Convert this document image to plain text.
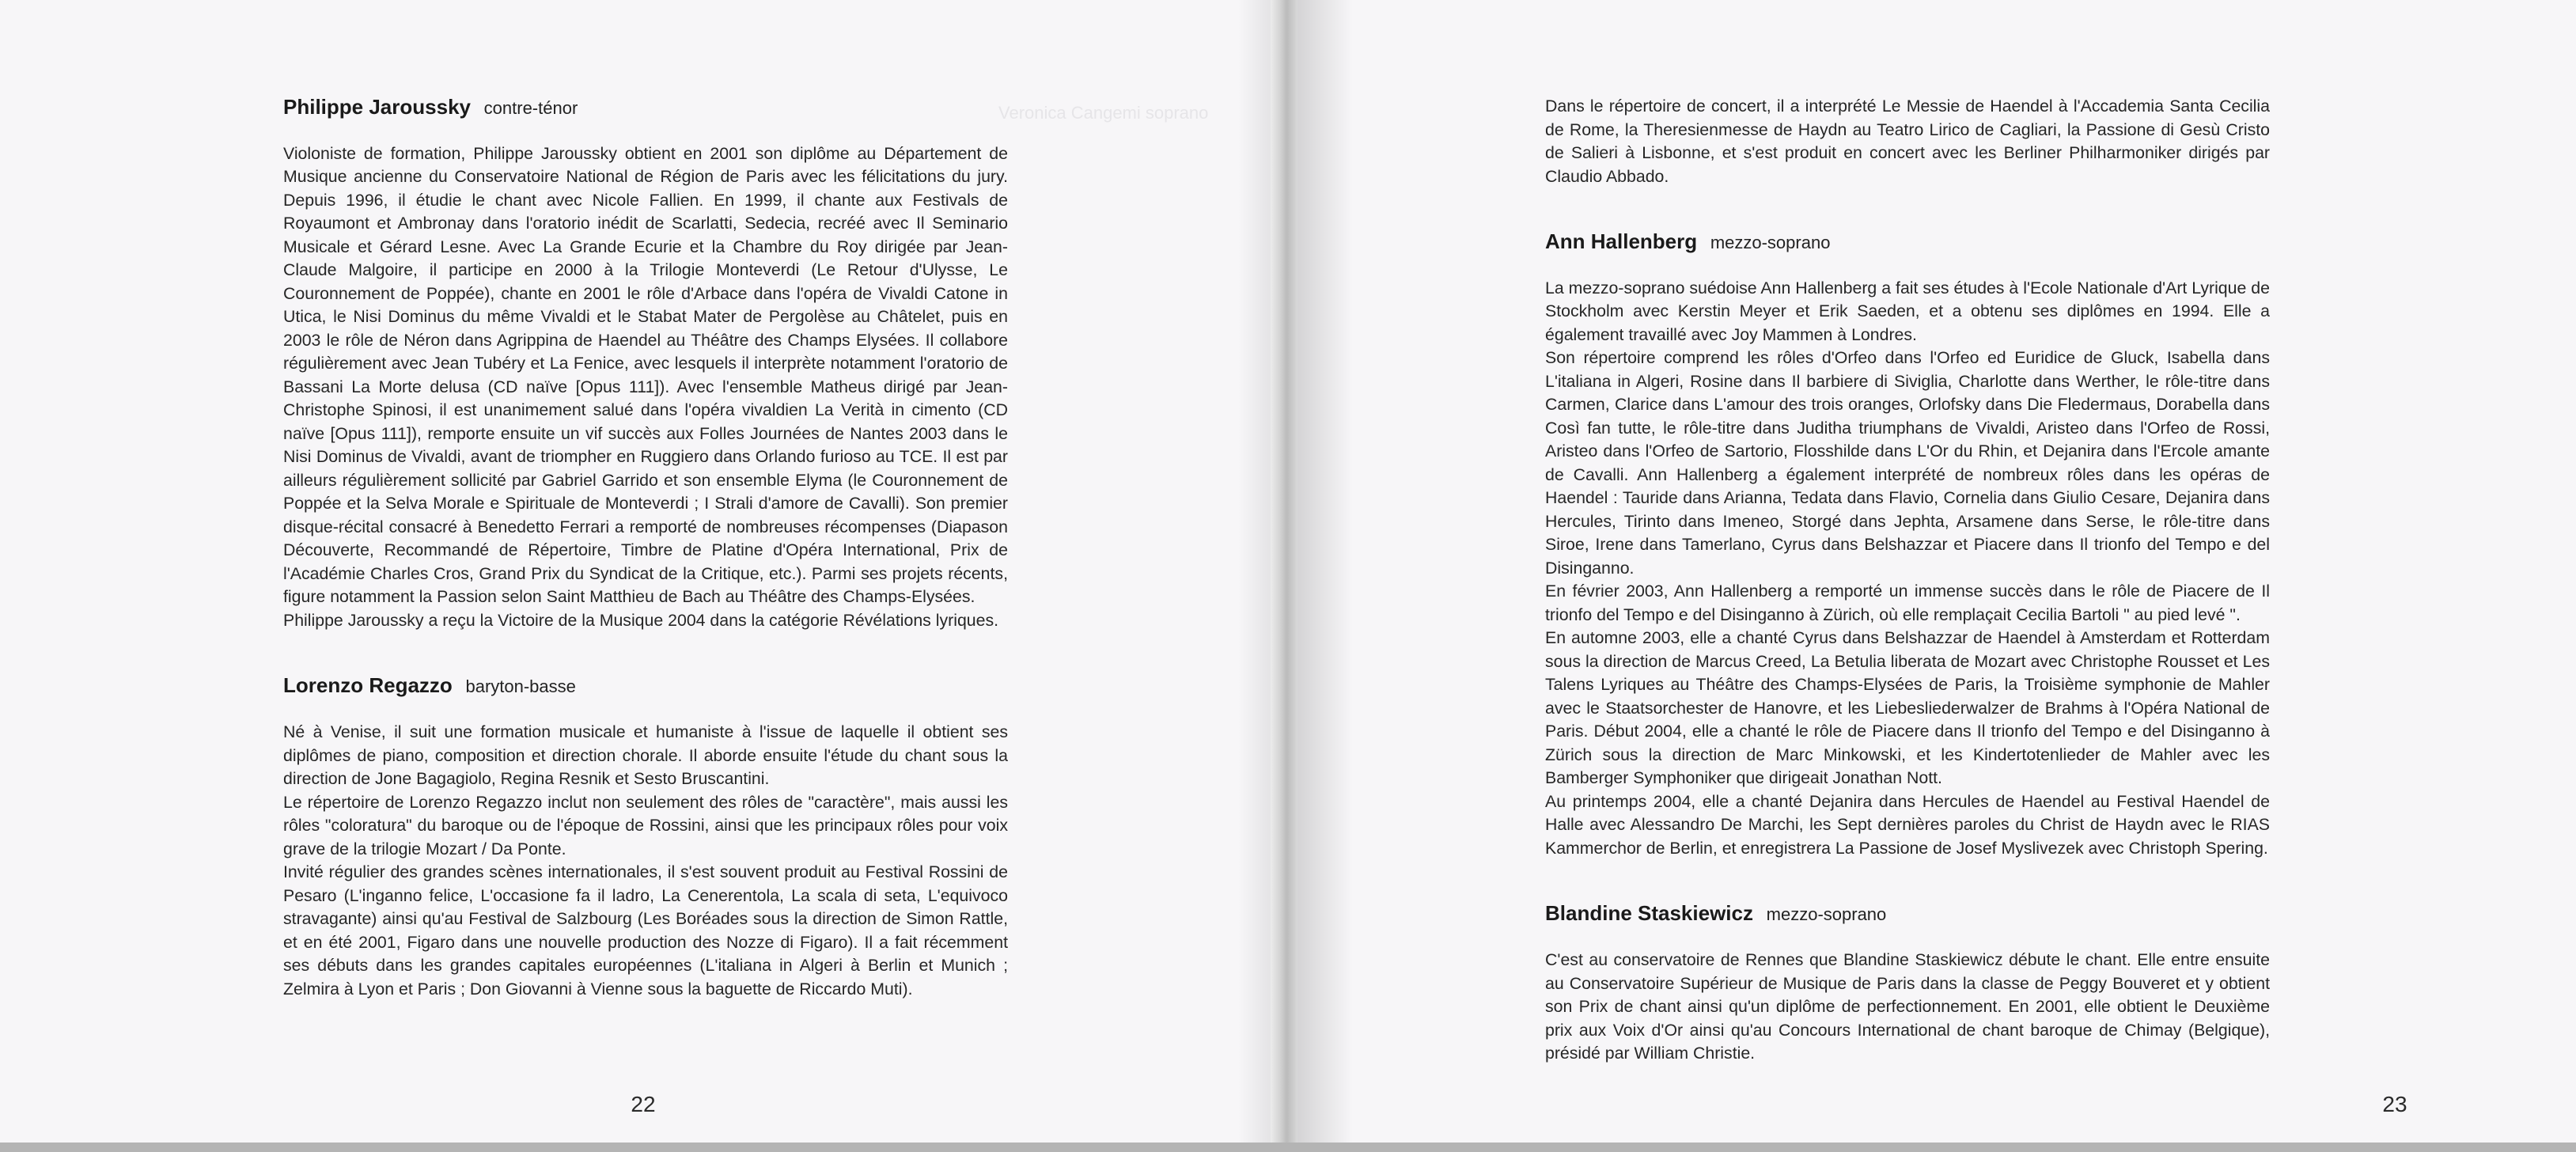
Veronica Cangemi soprano
Philippe Jaroussky contre-ténor

Violoniste de formation, Philippe Jaroussky obtient en 2001 son diplôme au Département de Musique ancienne du Conservatoire National de Région de Paris avec les félicitations du jury. Depuis 1996, il étudie le chant avec Nicole Fallien. En 1999, il chante aux Festivals de Royaumont et Ambronay dans l'oratorio inédit de Scarlatti, Sedecia, recréé avec Il Seminario Musicale et Gérard Lesne. Avec La Grande Ecurie et la Chambre du Roy dirigée par Jean-Claude Malgoire, il participe en 2000 à la Trilogie Monteverdi (Le Retour d'Ulysse, Le Couronnement de Poppée), chante en 2001 le rôle d'Arbace dans l'opéra de Vivaldi Catone in Utica, le Nisi Dominus du même Vivaldi et le Stabat Mater de Pergolèse au Châtelet, puis en 2003 le rôle de Néron dans Agrippina de Haendel au Théâtre des Champs Elysées. Il collabore régulièrement avec Jean Tubéry et La Fenice, avec lesquels il interprète notamment l'oratorio de Bassani La Morte delusa (CD naïve [Opus 111]). Avec l'ensemble Matheus dirigé par Jean-Christophe Spinosi, il est unanimement salué dans l'opéra vivaldien La Verità in cimento (CD naïve [Opus 111]), remporte ensuite un vif succès aux Folles Journées de Nantes 2003 dans le Nisi Dominus de Vivaldi, avant de triompher en Ruggiero dans Orlando furioso au TCE. Il est par ailleurs régulièrement sollicité par Gabriel Garrido et son ensemble Elyma (le Couronnement de Poppée et la Selva Morale e Spirituale de Monteverdi ; I Strali d'amore de Cavalli). Son premier disque-récital consacré à Benedetto Ferrari a remporté de nombreuses récompenses (Diapason Découverte, Recommandé de Répertoire, Timbre de Platine d'Opéra International, Prix de l'Académie Charles Cros, Grand Prix du Syndicat de la Critique, etc.). Parmi ses projets récents, figure notamment la Passion selon Saint Matthieu de Bach au Théâtre des Champs-Elysées.

Philippe Jaroussky a reçu la Victoire de la Musique 2004 dans la catégorie Révélations lyriques.

Lorenzo Regazzo baryton-basse

Né à Venise, il suit une formation musicale et humaniste à l'issue de laquelle il obtient ses diplômes de piano, composition et direction chorale. Il aborde ensuite l'étude du chant sous la direction de Jone Bagagiolo, Regina Resnik et Sesto Bruscantini.

Le répertoire de Lorenzo Regazzo inclut non seulement des rôles de "caractère", mais aussi les rôles "coloratura" du baroque ou de l'époque de Rossini, ainsi que les principaux rôles pour voix grave de la trilogie Mozart / Da Ponte.

Invité régulier des grandes scènes internationales, il s'est souvent produit au Festival Rossini de Pesaro (L'inganno felice, L'occasione fa il ladro, La Cenerentola, La scala di seta, L'equivoco stravagante) ainsi qu'au Festival de Salzbourg (Les Boréades sous la direction de Simon Rattle, et en été 2001, Figaro dans une nouvelle production des Nozze di Figaro). Il a fait récemment ses débuts dans les grandes capitales européennes (L'italiana in Algeri à Berlin et Munich ; Zelmira à Lyon et Paris ; Don Giovanni à Vienne sous la baguette de Riccardo Muti).

22	23

Dans le répertoire de concert, il a interprété Le Messie de Haendel à l'Accademia Santa Cecilia de Rome, la Theresienmesse de Haydn au Teatro Lirico de Cagliari, la Passione di Gesù Cristo de Salieri à Lisbonne, et s'est produit en concert avec les Berliner Philharmoniker dirigés par Claudio Abbado.

Ann Hallenberg mezzo-soprano

La mezzo-soprano suédoise Ann Hallenberg a fait ses études à l'Ecole Nationale d'Art Lyrique de Stockholm avec Kerstin Meyer et Erik Saeden, et a obtenu ses diplômes en 1994. Elle a également travaillé avec Joy Mammen à Londres.

Son répertoire comprend les rôles d'Orfeo dans l'Orfeo ed Euridice de Gluck, Isabella dans L'italiana in Algeri, Rosine dans Il barbiere di Siviglia, Charlotte dans Werther, le rôle-titre dans Carmen, Clarice dans L'amour des trois oranges, Orlofsky dans Die Fledermaus, Dorabella dans Così fan tutte, le rôle-titre dans Juditha triumphans de Vivaldi, Aristeo dans l'Orfeo de Rossi, Aristeo dans l'Orfeo de Sartorio, Flosshilde dans L'Or du Rhin, et Dejanira dans l'Ercole amante de Cavalli. Ann Hallenberg a également interprété de nombreux rôles dans les opéras de Haendel : Tauride dans Arianna, Tedata dans Flavio, Cornelia dans Giulio Cesare, Dejanira dans Hercules, Tirinto dans Imeneo, Storgé dans Jephta, Arsamene dans Serse, le rôle-titre dans Siroe, Irene dans Tamerlano, Cyrus dans Belshazzar et Piacere dans Il trionfo del Tempo e del Disinganno.

En février 2003, Ann Hallenberg a remporté un immense succès dans le rôle de Piacere de Il trionfo del Tempo e del Disinganno à Zürich, où elle remplaçait Cecilia Bartoli " au pied levé ".

En automne 2003, elle a chanté Cyrus dans Belshazzar de Haendel à Amsterdam et Rotterdam sous la direction de Marcus Creed, La Betulia liberata de Mozart avec Christophe Rousset et Les Talens Lyriques au Théâtre des Champs-Elysées de Paris, la Troisième symphonie de Mahler avec le Staatsorchester de Hanovre, et les Liebesliederwalzer de Brahms à l'Opéra National de Paris. Début 2004, elle a chanté le rôle de Piacere dans Il trionfo del Tempo e del Disinganno à Zürich sous la direction de Marc Minkowski, et les Kindertotenlieder de Mahler avec les Bamberger Symphoniker que dirigeait Jonathan Nott.

Au printemps 2004, elle a chanté Dejanira dans Hercules de Haendel au Festival Haendel de Halle avec Alessandro De Marchi, les Sept dernières paroles du Christ de Haydn avec le RIAS Kammerchor de Berlin, et enregistrera La Passione de Josef Myslivezek avec Christoph Spering.

Blandine Staskiewicz mezzo-soprano

C'est au conservatoire de Rennes que Blandine Staskiewicz débute le chant. Elle entre ensuite au Conservatoire Supérieur de Musique de Paris dans la classe de Peggy Bouveret et y obtient son Prix de chant ainsi qu'un diplôme de perfectionnement. En 2001, elle obtient le Deuxième prix aux Voix d'Or ainsi qu'au Concours International de chant baroque de Chimay (Belgique), présidé par William Christie.
